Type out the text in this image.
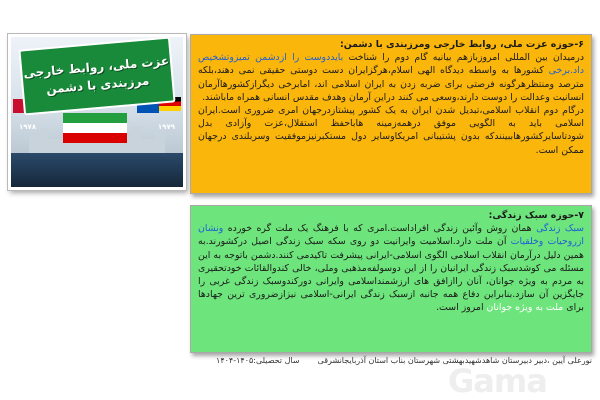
عزت ملی، روابط خارجی
مرزبندی با دشمن
۱۹۷۸	۱۹۷۹

۶-حوزه عزت ملی، روابط خارجی ومرزبندی با دشمن:

درمیدان بین المللی امروزبازهم بیانیه گام دوم را شناخت بایددوست را ازدشمن تمیزوتشخیص داد.برخی کشورها به واسطه دیدگاه الهی اسلام،هرگزایران دست دوستی حقیقی نمی دهند،بلکه مترصد ومنتظرهرگونه فرصتی برای ضربه زدن به ایران اسلامی اند، امابرخی دیگرازکشورهاآرمان انسانیت وعدالت را دوست دارند،وسعی می کنند دراین آرمان وهدف مقدس انسانی همراه ماباشند.

درگام دوم انقلاب اسلامی،تبدیل شدن ایران به یک کشور پیشتازدرجهان امری ضروری است.ایران اسلامی باید به الگویی موفق درهمه‌زمینه هاباحفظ استقلال،عزت وآزادی بدل شودتاسایرکشورهاببینندکه بدون پشتیبانی امریکاوسایر دول مستکبرنیزموفقیت وسربلندی درجهان ممکن است.

۷-حوزه سبک زندگی:

سبک زندگی همان روش وآئین زندگی افراداست.امری که با فرهنگ یک ملت گره خورده ونشان ازروحیات وخلقیات آن ملت دارد.اسلامیت وایرانیت دو روی سکه سبک زندگی اصیل درکشورند.به همین دلیل درآرمان انقلاب اسلامی الگوی اسلامی-ایرانی پیشرفت تاکیدمی کنند.دشمن باتوجه به این مسئله می کوشدسبک زندگی ایرانیان را از این دوسولفه‌مذهبی وملی، خالی کندوالقائات خودتحقیری به مردم به ویژه جوانان، آنان رااز‌افق های ارزشمنداسلامی وایرانی دورکندوسبک زندگی غربی را جایگزین آن سازد.بنابراین دفاع همه جانبه ازسبک زندگی ایرانی-اسلامی نیزازضروری ترین جهادها برای ملت به ویژه جوانان امروز است.

نورعلی آیین ،دبیر دبیرستان شاهدشهیدبهشتی شهرستان بناب استان آذربایجانشرقی
سال تحصیلی:۱۴۰۵-۱۴۰۴
Gama
